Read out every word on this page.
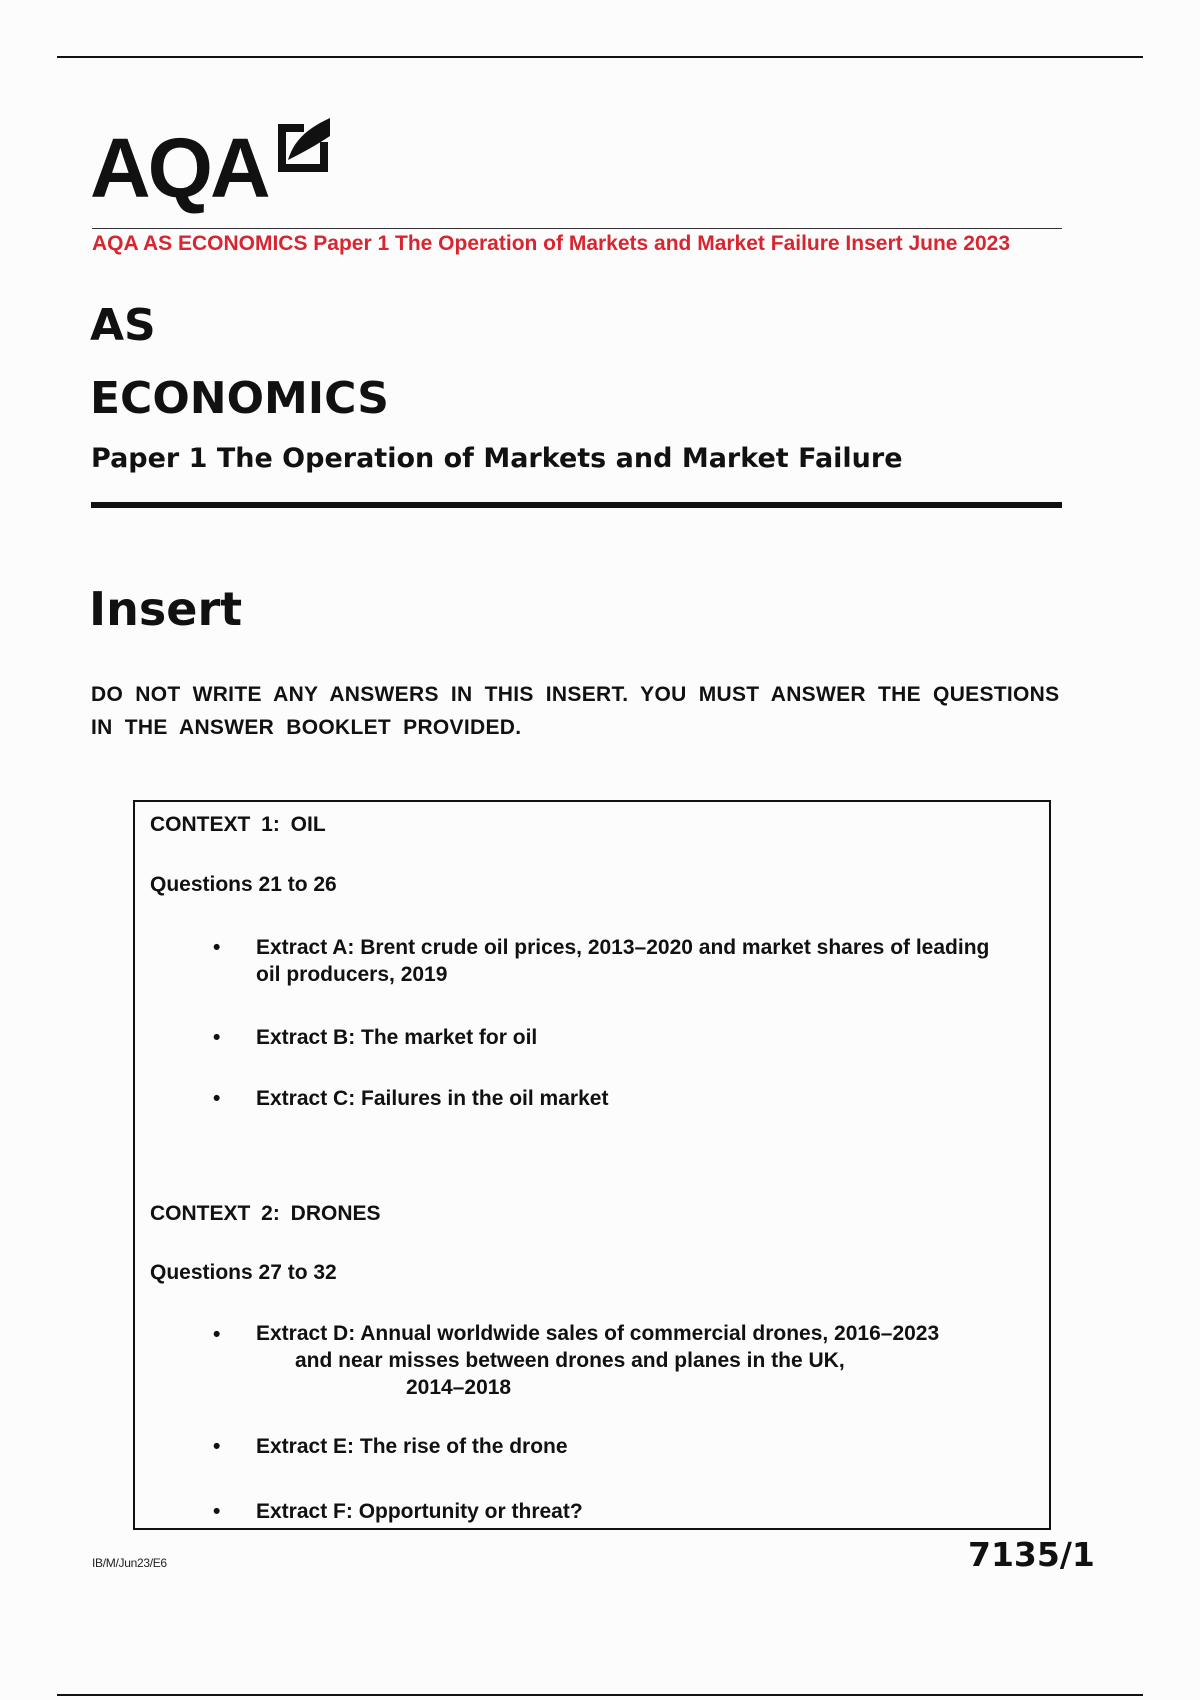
AQA
AQA AS ECONOMICS Paper 1 The Operation of Markets and Market Failure Insert June 2023
AS
ECONOMICS
Paper 1 The Operation of Markets and Market Failure
Insert
DO NOT WRITE ANY ANSWERS IN THIS INSERT. YOU MUST ANSWER THE QUESTIONS
IN THE ANSWER BOOKLET PROVIDED.
CONTEXT 1: OIL
Questions 21 to 26
• Extract A: Brent crude oil prices, 2013–2020 and market shares of leading
oil producers, 2019
• Extract B: The market for oil
• Extract C: Failures in the oil market
CONTEXT 2: DRONES
Questions 27 to 32
• Extract D: Annual worldwide sales of commercial drones, 2016–2023
and near misses between drones and planes in the UK,
2014–2018
• Extract E: The rise of the drone
• Extract F: Opportunity or threat?
IB/M/Jun23/E6	7135/1
